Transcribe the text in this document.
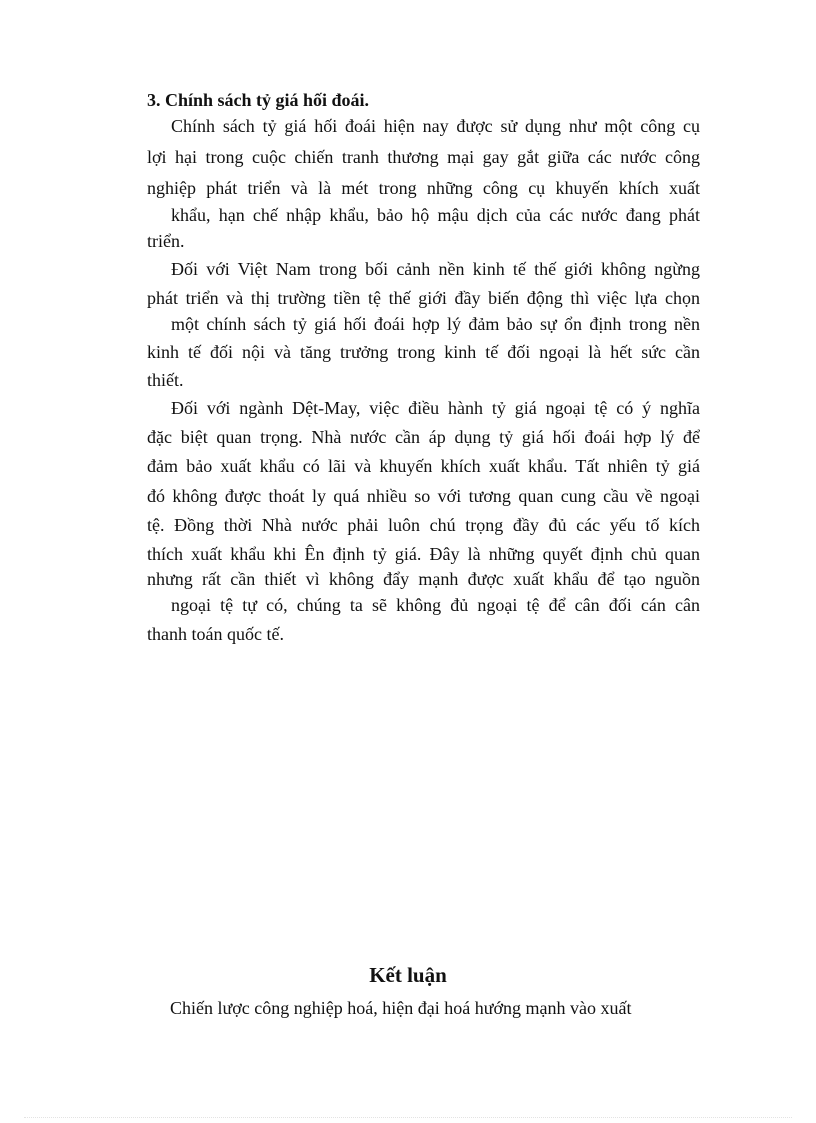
3. Chính sách tỷ giá hối đoái.
Chính sách tỷ giá hối đoái hiện nay được sử dụng như một công cụ
lợi hại trong cuộc chiến tranh thương mại gay gắt giữa các nước công
nghiệp phát triển và là mét trong những công cụ khuyến khích xuất
khẩu, hạn chế nhập khẩu, bảo hộ mậu dịch của các nước đang phát
triển.
Đối với Việt Nam trong bối cảnh nền kinh tế thế giới không ngừng
phát triển và thị trường tiền tệ thế giới đầy biến động thì việc lựa chọn
một chính sách tỷ giá hối đoái hợp lý đảm bảo sự ổn định trong nền
kinh tế đối nội và tăng trưởng trong kinh tế đối ngoại là hết sức cần
thiết.
Đối với ngành Dệt-May, việc điều hành tỷ giá ngoại tệ có ý nghĩa
đặc biệt quan trọng. Nhà nước cần áp dụng tỷ giá hối đoái hợp lý để
đảm bảo xuất khẩu có lãi và khuyến khích xuất khẩu. Tất nhiên tỷ giá
đó không được thoát ly quá nhiều so với tương quan cung cầu về ngoại
tệ. Đồng thời Nhà nước phải luôn chú trọng đầy đủ các yếu tố kích
thích xuất khẩu khi Ên định tỷ giá. Đây là những quyết định chủ quan
nhưng rất cần thiết vì không đẩy mạnh được xuất khẩu để tạo nguồn
ngoại tệ tự có, chúng ta sẽ không đủ ngoại tệ để cân đối cán cân
thanh toán quốc tế.
Kết luận
Chiến lược công nghiệp hoá, hiện đại hoá hướng mạnh vào xuất
